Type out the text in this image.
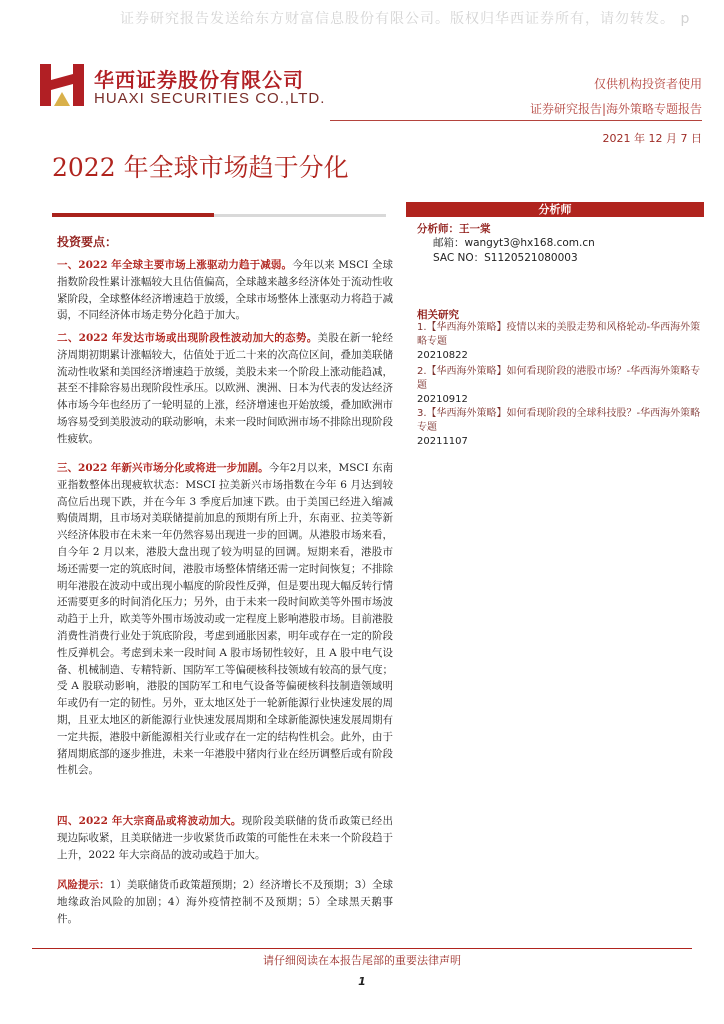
证券研究报告发送给东方财富信息股份有限公司。版权归华西证券所有，请勿转发。 p
华西证券股份有限公司
HUAXI SECURITIES CO.,LTD.
仅供机构投资者使用
证券研究报告|海外策略专题报告
2021 年 12 月 7 日
2022 年全球市场趋于分化
投资要点：
一、2022 年全球主要市场上涨驱动力趋于减弱。今年以来 MSCI 全球指数阶段性累计涨幅较大且估值偏高，全球越来越多经济体处于流动性收紧阶段，全球整体经济增速趋于放缓，全球市场整体上涨驱动力将趋于减弱，不同经济体市场走势分化趋于加大。
二、2022 年发达市场或出现阶段性波动加大的态势。美股在新一轮经济周期初期累计涨幅较大，估值处于近二十来的次高位区间，叠加美联储流动性收紧和美国经济增速趋于放缓，美股未来一个阶段上涨动能趋减，甚至不排除容易出现阶段性承压。以欧洲、澳洲、日本为代表的发达经济体市场今年也经历了一轮明显的上涨，经济增速也开始放缓，叠加欧洲市场容易受到美股波动的联动影响，未来一段时间欧洲市场不排除出现阶段性疲软。
三、2022 年新兴市场分化或将进一步加剧。今年2月以来，MSCI 东南亚指数整体出现疲软状态：MSCI 拉美新兴市场指数在今年 6 月达到较高位后出现下跌，并在今年 3 季度后加速下跌。由于美国已经进入缩减购债周期，且市场对美联储提前加息的预期有所上升，东南亚、拉美等新兴经济体股市在未来一年仍然容易出现进一步的回调。从港股市场来看，自今年 2 月以来，港股大盘出现了较为明显的回调。短期来看，港股市场还需要一定的筑底时间，港股市场整体情绪还需一定时间恢复；不排除明年港股在波动中或出现小幅度的阶段性反弹，但是要出现大幅反转行情还需要更多的时间消化压力；另外，由于未来一段时间欧美等外围市场波动趋于上升，欧美等外围市场波动或一定程度上影响港股市场。目前港股消费性消费行业处于筑底阶段，考虑到通胀因素，明年或存在一定的阶段性反弹机会。考虑到未来一段时间 A 股市场韧性较好，且 A 股中电气设备、机械制造、专精特新、国防军工等偏硬核科技领域有较高的景气度；受 A 股联动影响，港股的国防军工和电气设备等偏硬核科技制造领域明年或仍有一定的韧性。另外，亚太地区处于一轮新能源行业快速发展的周期，且亚太地区的新能源行业快速发展周期和全球新能源快速发展周期有一定共振，港股中新能源相关行业或存在一定的结构性机会。此外，由于猪周期底部的逐步推进，未来一年港股中猪肉行业在经历调整后或有阶段性机会。
四、2022 年大宗商品或将波动加大。现阶段美联储的货币政策已经出现边际收紧，且美联储进一步收紧货币政策的可能性在未来一个阶段趋于上升，2022 年大宗商品的波动或趋于加大。
风险提示：1）美联储货币政策超预期；2）经济增长不及预期；3）全球地缘政治风险的加剧；4）海外疫情控制不及预期；5）全球黑天鹅事件。
分析师
分析师：王一棠
邮箱：wangyt3@hx168.com.cn
SAC NO：S1120521080003
相关研究
1.【华西海外策略】疫情以来的美股走势和风格轮动-华西海外策略专题
20210822
2.【华西海外策略】如何看现阶段的港股市场？-华西海外策略专题
20210912
3.【华西海外策略】如何看现阶段的全球科技股？-华西海外策略专题
20211107
请仔细阅读在本报告尾部的重要法律声明
1
